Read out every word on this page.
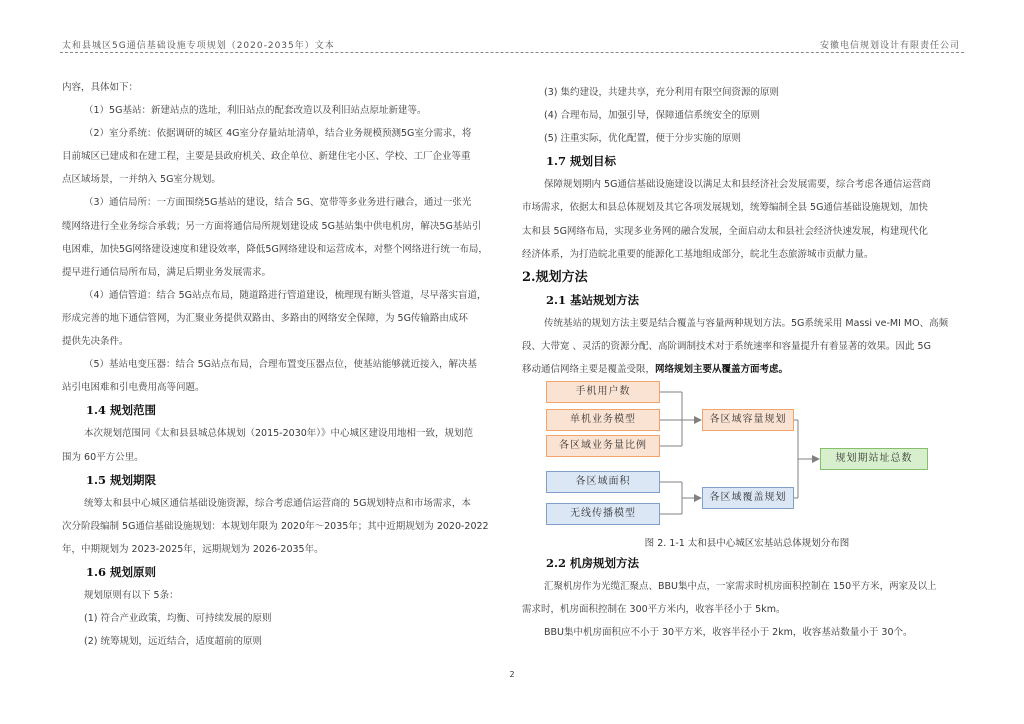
太和县城区5G通信基础设施专项规划（2020-2035年）文本	安徽电信规划设计有限责任公司
内容，具体如下：
（1）5G基站：新建站点的选址，利旧站点的配套改造以及利旧站点原址新建等。
（2）室分系统：依据调研的城区 4G室分存量站址清单，结合业务规模预测5G室分需求，将
目前城区已建成和在建工程，主要是县政府机关、政企单位、新建住宅小区、学校、工厂企业等重
点区域场景，一并纳入 5G室分规划。
（3）通信局所：一方面围绕5G基站的建设，结合 5G、宽带等多业务进行融合，通过一张光
缆网络进行全业务综合承载；另一方面将通信局所规划建设成 5G基站集中供电机房，解决5G基站引
电困难，加快5G网络建设速度和建设效率，降低5G网络建设和运营成本，对整个网络进行统一布局，
提早进行通信局所布局，满足后期业务发展需求。
（4）通信管道：结合 5G站点布局，随道路进行管道建设，梳理现有断头管道，尽早落实盲道，
形成完善的地下通信管网，为汇聚业务提供双路由、多路由的网络安全保障，为 5G传输路由成环
提供先决条件。
（5）基站电变压器：结合 5G站点布局，合理布置变压器点位，使基站能够就近接入，解决基
站引电困难和引电费用高等问题。
1.4 规划范围
本次规划范围同《太和县县城总体规划（2015-2030年）》中心城区建设用地相一致，规划范
围为 60平方公里。
1.5 规划期限
统筹太和县中心城区通信基础设施资源，综合考虑通信运营商的 5G规划特点和市场需求，本
次分阶段编制 5G通信基础设施规划：本规划年限为 2020年～2035年；其中近期规划为 2020-2022
年，中期规划为 2023-2025年，远期规划为 2026-2035年。
1.6 规划原则
规划原则有以下 5条：
(1) 符合产业政策，均衡、可持续发展的原则
(2) 统筹规划，远近结合，适度超前的原则
(3) 集约建设，共建共享，充分利用有限空间资源的原则
(4) 合理布局，加强引导，保障通信系统安全的原则
(5) 注重实际，优化配置，便于分步实施的原则
1.7 规划目标
保障规划期内 5G通信基础设施建设以满足太和县经济社会发展需要，综合考虑各通信运营商
市场需求，依据太和县总体规划及其它各项发展规划，统筹编制全县 5G通信基础设施规划，加快
太和县 5G网络布局，实现多业务网的融合发展，全面启动太和县社会经济快速发展，构建现代化
经济体系，为打造皖北重要的能源化工基地组成部分，皖北生态旅游城市贡献力量。
2.规划方法
2.1 基站规划方法
传统基站的规划方法主要是结合覆盖与容量两种规划方法。5G系统采用 Massi ve-MI MO、高频
段、大带宽 、灵活的资源分配、高阶调制技术对于系统速率和容量提升有着显著的效果。因此 5G
移动通信网络主要是覆盖受限，网络规划主要从覆盖方面考虑。
手机用户数
单机业务模型
各区域业务量比例
各区域面积
无线传播模型
各区域容量规划
各区域覆盖规划
规划期站址总数
图 2. 1-1 太和县中心城区宏基站总体规划分布图
2.2 机房规划方法
汇聚机房作为光缆汇聚点、BBU集中点，一家需求时机房面积控制在 150平方米，两家及以上
需求时，机房面积控制在 300平方米内，收容半径小于 5km。
BBU集中机房面积应不小于 30平方米，收容半径小于 2km，收容基站数量小于 30个。
2
